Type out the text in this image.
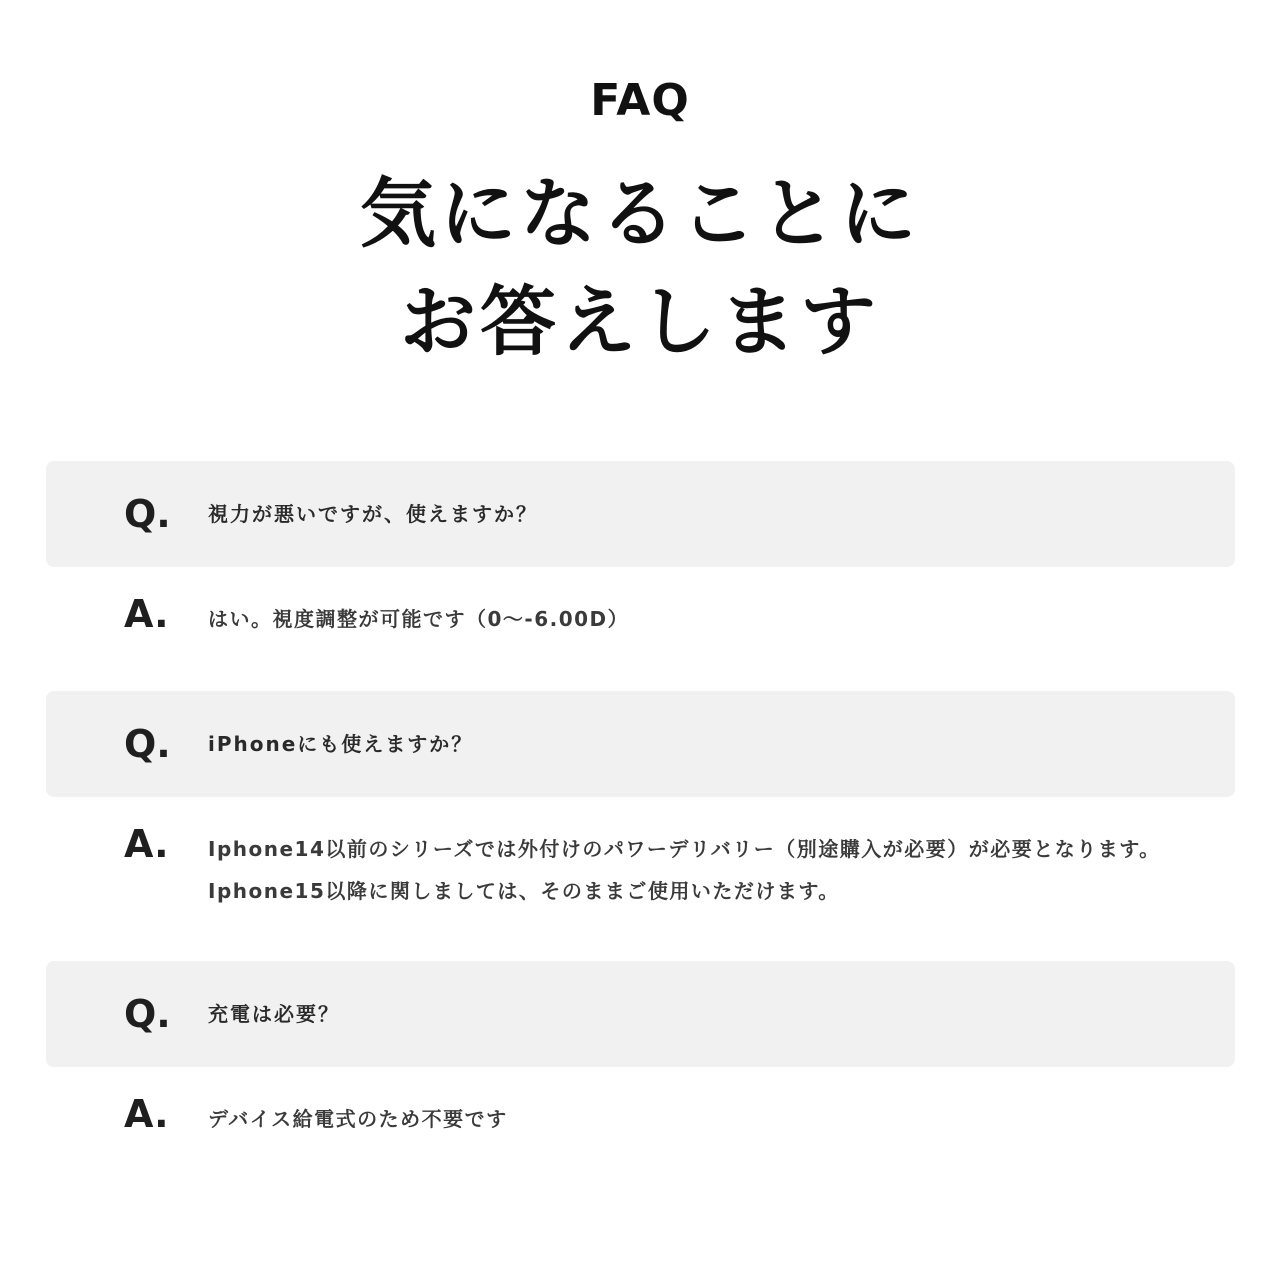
FAQ
気になることに
お答えします
Q. 視力が悪いですが、使えますか？
A. はい。視度調整が可能です（0〜-6.00D）
Q. iPhoneにも使えますか？
A. Iphone14以前のシリーズでは外付けのパワーデリバリー（別途購入が必要）が必要となります。
Iphone15以降に関しましては、そのままご使用いただけます。
Q. 充電は必要？
A. デバイス給電式のため不要です
